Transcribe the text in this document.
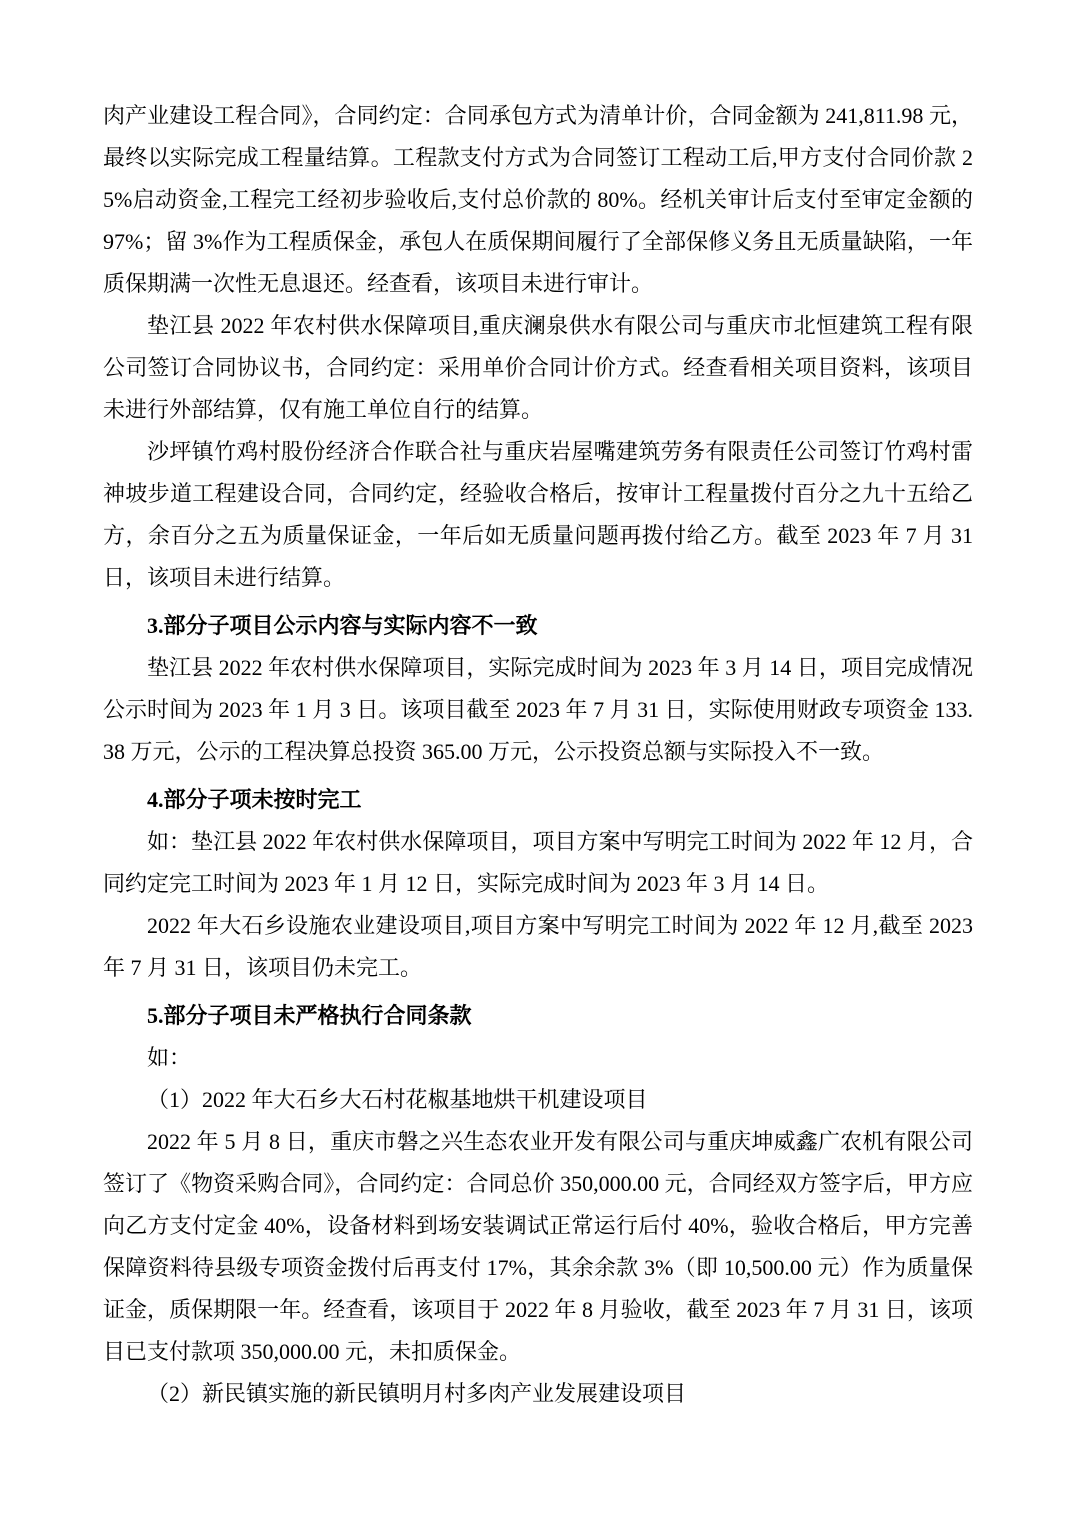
肉产业建设工程合同》，合同约定：合同承包方式为清单计价，合同金额为 241,811.98 元，最终以实际完成工程量结算。工程款支付方式为合同签订工程动工后,甲方支付合同价款 25%启动资金,工程完工经初步验收后,支付总价款的 80%。经机关审计后支付至审定金额的 97%；留 3%作为工程质保金，承包人在质保期间履行了全部保修义务且无质量缺陷，一年质保期满一次性无息退还。经查看，该项目未进行审计。

垫江县 2022 年农村供水保障项目,重庆澜泉供水有限公司与重庆市北恒建筑工程有限公司签订合同协议书，合同约定：采用单价合同计价方式。经查看相关项目资料，该项目未进行外部结算，仅有施工单位自行的结算。

沙坪镇竹鸡村股份经济合作联合社与重庆岩屋嘴建筑劳务有限责任公司签订竹鸡村雷神坡步道工程建设合同，合同约定，经验收合格后，按审计工程量拨付百分之九十五给乙方，余百分之五为质量保证金，一年后如无质量问题再拨付给乙方。截至 2023 年 7 月 31 日，该项目未进行结算。

3.部分子项目公示内容与实际内容不一致

垫江县 2022 年农村供水保障项目，实际完成时间为 2023 年 3 月 14 日，项目完成情况公示时间为 2023 年 1 月 3 日。该项目截至 2023 年 7 月 31 日，实际使用财政专项资金 133.38 万元，公示的工程决算总投资 365.00 万元，公示投资总额与实际投入不一致。

4.部分子项未按时完工

如：垫江县 2022 年农村供水保障项目，项目方案中写明完工时间为 2022 年 12 月，合同约定完工时间为 2023 年 1 月 12 日，实际完成时间为 2023 年 3 月 14 日。

2022 年大石乡设施农业建设项目,项目方案中写明完工时间为 2022 年 12 月,截至 2023 年 7 月 31 日，该项目仍未完工。

5.部分子项目未严格执行合同条款

如：

（1）2022 年大石乡大石村花椒基地烘干机建设项目

2022 年 5 月 8 日，重庆市磐之兴生态农业开发有限公司与重庆坤威鑫广农机有限公司签订了《物资采购合同》，合同约定：合同总价 350,000.00 元，合同经双方签字后，甲方应向乙方支付定金 40%，设备材料到场安装调试正常运行后付 40%，验收合格后，甲方完善保障资料待县级专项资金拨付后再支付 17%，其余余款 3%（即 10,500.00 元）作为质量保证金，质保期限一年。经查看，该项目于 2022 年 8 月验收，截至 2023 年 7 月 31 日，该项目已支付款项 350,000.00 元，未扣质保金。

（2）新民镇实施的新民镇明月村多肉产业发展建设项目
